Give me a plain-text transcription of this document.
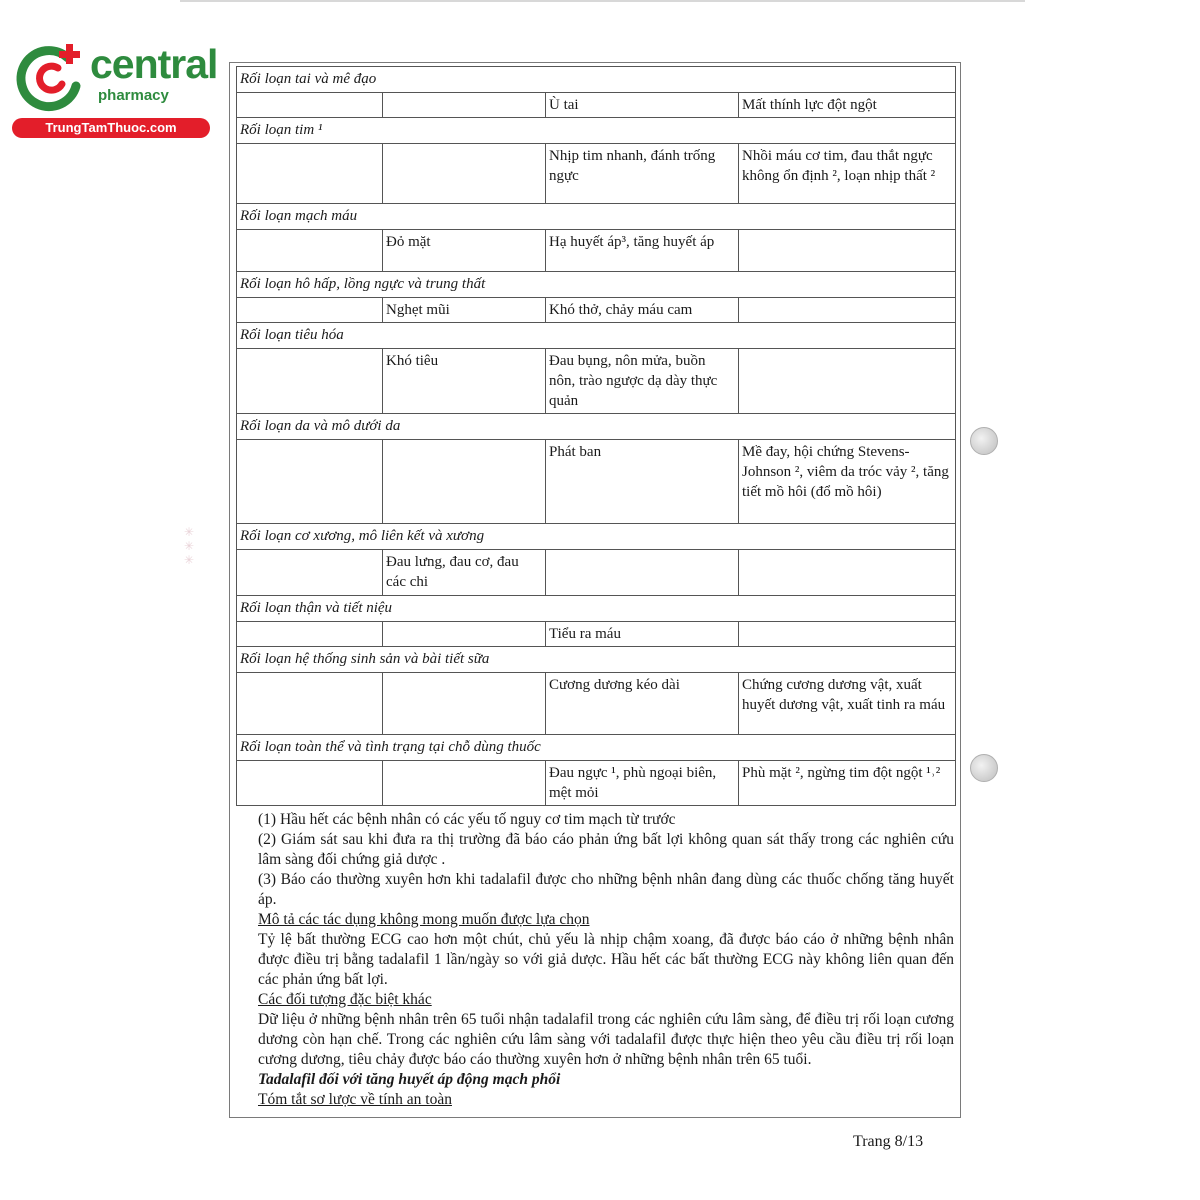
central
pharmacy
TrungTamThuoc.com
✳✳✳
Rối loạn tai và mê đạo			
		Ù tai	Mất thính lực đột ngột
Rối loạn tim ¹			
		Nhịp tim nhanh, đánh trống ngực	Nhồi máu cơ tim, đau thắt ngực không ổn định ², loạn nhịp thất ²
Rối loạn mạch máu			
	Đỏ mặt	Hạ huyết áp³, tăng huyết áp	
Rối loạn hô hấp, lồng ngực và trung thất			
	Nghẹt mũi	Khó thở, chảy máu cam	
Rối loạn tiêu hóa			
	Khó tiêu	Đau bụng, nôn mửa, buồn nôn, trào ngược dạ dày thực quản	
Rối loạn da và mô dưới da			
		Phát ban	Mề đay, hội chứng Stevens-Johnson ², viêm da tróc vảy ², tăng tiết mồ hôi (đổ mồ hôi)
Rối loạn cơ xương, mô liên kết và xương			
	Đau lưng, đau cơ, đau các chi		
Rối loạn thận và tiết niệu			
		Tiểu ra máu	
Rối loạn hệ thống sinh sản và bài tiết sữa			
		Cương dương kéo dài	Chứng cương dương vật, xuất huyết dương vật, xuất tinh ra máu
Rối loạn toàn thể và tình trạng tại chỗ dùng thuốc			
		Đau ngực ¹, phù ngoại biên, mệt mỏi	Phù mặt ², ngừng tim đột ngột ¹˒²

(1) Hầu hết các bệnh nhân có các yếu tố nguy cơ tim mạch từ trước

(2) Giám sát sau khi đưa ra thị trường đã báo cáo phản ứng bất lợi không quan sát thấy trong các nghiên cứu lâm sàng đối chứng giả dược .

(3) Báo cáo thường xuyên hơn khi tadalafil được cho những bệnh nhân đang dùng các thuốc chống tăng huyết áp.

Mô tả các tác dụng không mong muốn được lựa chọn

Tỷ lệ bất thường ECG cao hơn một chút, chủ yếu là nhịp chậm xoang, đã được báo cáo ở những bệnh nhân được điều trị bằng tadalafil 1 lần/ngày so với giả dược. Hầu hết các bất thường ECG này không liên quan đến các phản ứng bất lợi.

Các đối tượng đặc biệt khác

Dữ liệu ở những bệnh nhân trên 65 tuổi nhận tadalafil trong các nghiên cứu lâm sàng, để điều trị rối loạn cương dương còn hạn chế. Trong các nghiên cứu lâm sàng với tadalafil được thực hiện theo yêu cầu điều trị rối loạn cương dương, tiêu chảy được báo cáo thường xuyên hơn ở những bệnh nhân trên 65 tuổi.

Tadalafil đối với tăng huyết áp động mạch phổi

Tóm tắt sơ lược về tính an toàn

Trang 8/13
